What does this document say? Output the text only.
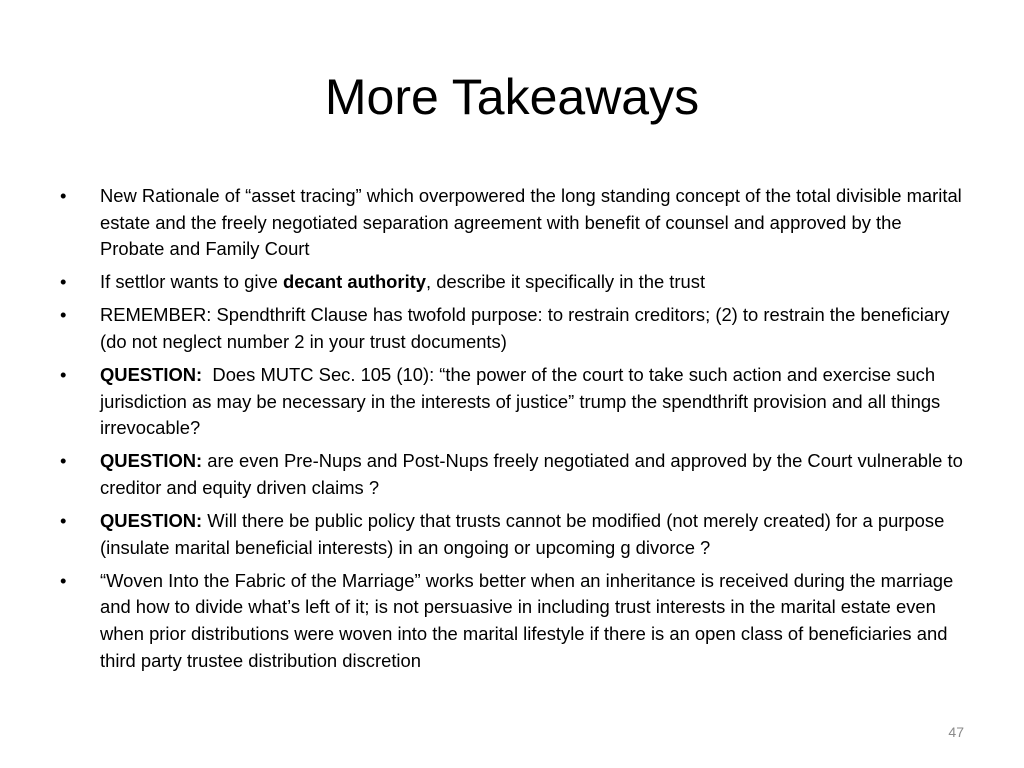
More Takeaways
• New Rationale of “asset tracing” which overpowered the long standing concept of the total divisible marital estate and the freely negotiated separation agreement with benefit of counsel and approved by the Probate and Family Court
• If settlor wants to give decant authority, describe it specifically in the trust
• REMEMBER: Spendthrift Clause has twofold purpose: to restrain creditors; (2) to restrain the beneficiary (do not neglect number 2 in your trust documents)
• QUESTION:  Does MUTC Sec. 105 (10): “the power of the court to take such action and exercise such jurisdiction as may be necessary in the interests of justice” trump the spendthrift provision and all things irrevocable?
• QUESTION: are even Pre-Nups and Post-Nups freely negotiated and approved by the Court vulnerable to creditor and equity driven claims ?
• QUESTION: Will there be public policy that trusts cannot be modified (not merely created) for a purpose (insulate marital beneficial interests) in an ongoing or upcoming g divorce ?
• “Woven Into the Fabric of the Marriage” works better when an inheritance is received during the marriage and how to divide what’s left of it; is not persuasive in including trust interests in the marital estate even when prior distributions were woven into the marital lifestyle if there is an open class of beneficiaries and third party trustee distribution discretion
47
